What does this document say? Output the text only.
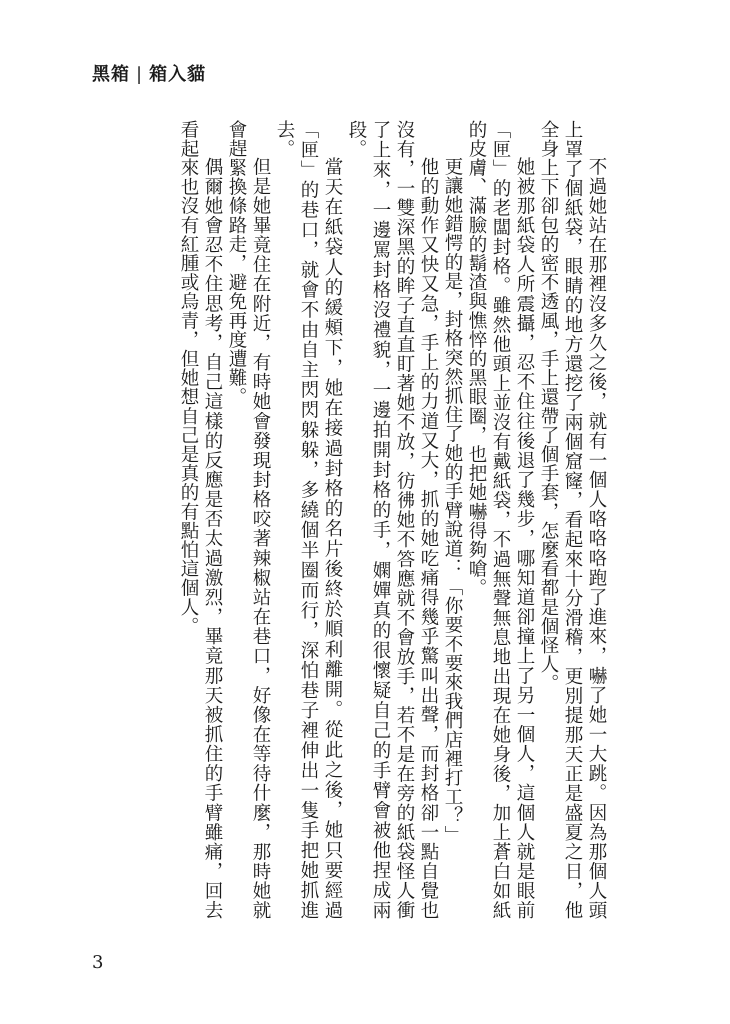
黑箱 | 箱入貓

不過她站在那裡沒多久之後，就有一個人咯咯咯跑了進來，嚇了她一大跳。因為那個人頭上罩了個紙袋，眼睛的地方還挖了兩個窟窿，看起來十分滑稽，更別提那天正是盛夏之日，他全身上下卻包的密不透風，手上還帶了個手套，怎麼看都是個怪人。

她被那紙袋人所震攝，忍不住往後退了幾步，哪知道卻撞上了另一個人，這個人就是眼前「匣」的老闆封格。雖然他頭上並沒有戴紙袋，不過無聲無息地出現在她身後，加上蒼白如紙的皮膚、滿臉的鬍渣與憔悴的黑眼圈，也把她嚇得夠嗆。

更讓她錯愕的是，封格突然抓住了她的手臂說道：「你要不要來我們店裡打工？」

他的動作又快又急，手上的力道又大，抓的她吃痛得幾乎驚叫出聲，而封格卻一點自覺也沒有，一雙深黑的眸子直直盯著她不放，彷彿她不答應就不會放手，若不是在旁的紙袋怪人衝了上來，一邊罵封格沒禮貌，一邊拍開封格的手，嫻嬋真的很懷疑自己的手臂會被他捏成兩段。

當天在紙袋人的緩頰下，她在接過封格的名片後終於順利離開。從此之後，她只要經過「匣」的巷口，就會不由自主閃閃躲躲，多繞個半圈而行，深怕巷子裡伸出一隻手把她抓進去。

但是她畢竟住在附近，有時她會發現封格咬著辣椒站在巷口，好像在等待什麼，那時她就會趕緊換條路走，避免再度遭難。

偶爾她會忍不住思考，自己這樣的反應是否太過激烈，畢竟那天被抓住的手臂雖痛，回去看起來也沒有紅腫或烏青，但她想自己是真的有點怕這個人。

3
